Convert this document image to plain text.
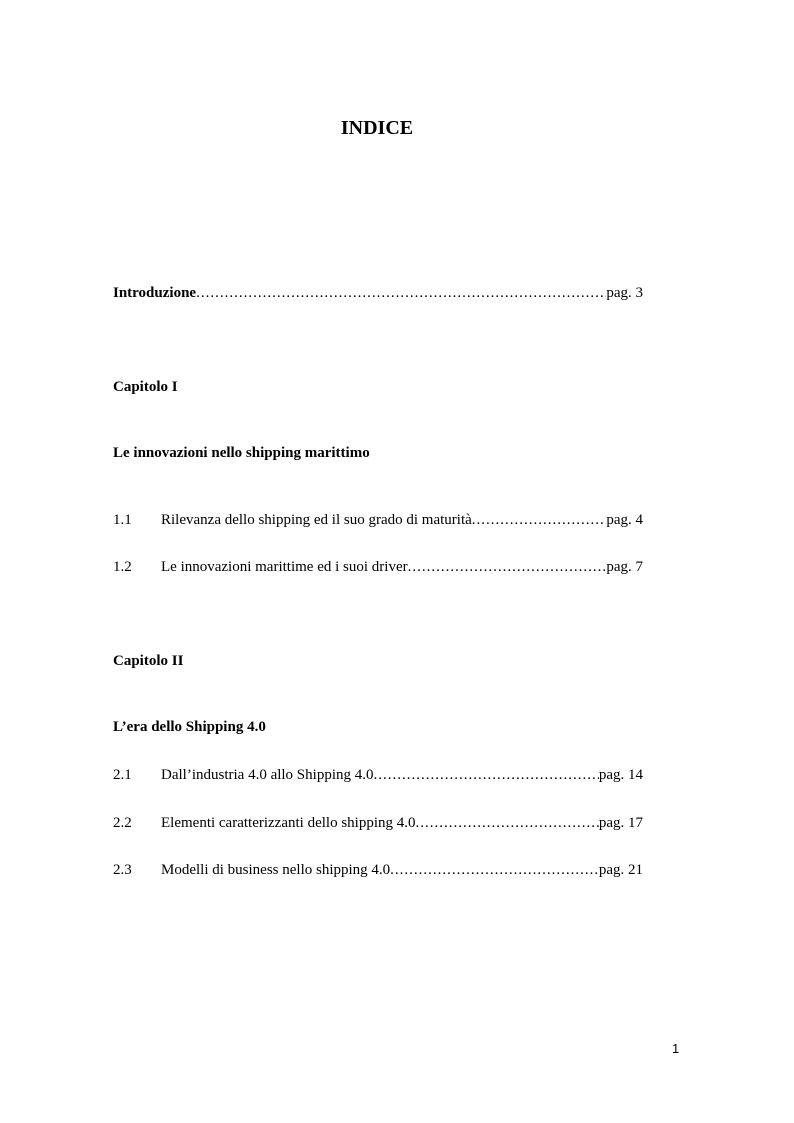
INDICE
Introduzione .....	pag. 3
Capitolo I
Le innovazioni nello shipping marittimo
1.1	Rilevanza dello shipping ed il suo grado di maturità .....	pag. 4
1.2	Le innovazioni marittime ed i suoi driver .....	pag. 7
Capitolo II
L’era dello Shipping 4.0
2.1	Dall’industria 4.0 allo Shipping 4.0 .....	pag. 14
2.2	Elementi caratterizzanti dello shipping 4.0 .....	pag. 17
2.3	Modelli di business nello shipping 4.0 .....	pag. 21
1
